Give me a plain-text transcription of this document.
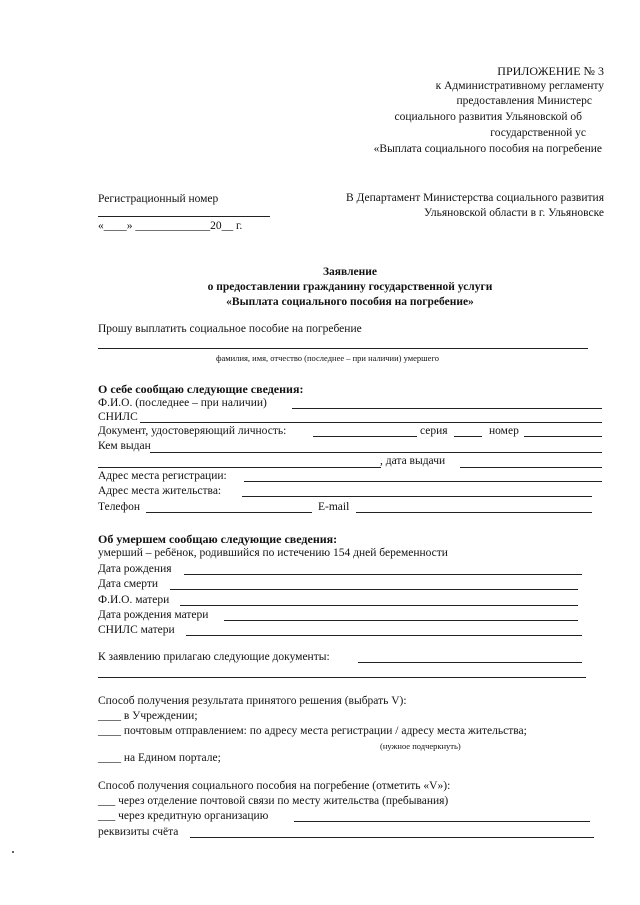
ПРИЛОЖЕНИЕ № 3
к Административному регламенту
предоставления Министерс
социального развития Ульяновской об
государственной ус
«Выплата социального пособия на погребение
Регистрационный номер
«____» _____________20__ г.
В Департамент Министерства социального развития
Ульяновской области в г. Ульяновске
Заявление
о предоставлении гражданину государственной услуги
«Выплата социального пособия на погребение»
Прошу выплатить социальное пособие на погребение
фамилия, имя, отчество (последнее – при наличии) умершего
О себе сообщаю следующие сведения:
Ф.И.О. (последнее – при наличии)
СНИЛС
Документ, удостоверяющий личность:	серия	номер
Кем выдан
, дата выдачи
Адрес места регистрации:
Адрес места жительства:
Телефон	E-mail
Об умершем сообщаю следующие сведения:
умерший – ребёнок, родившийся по истечению 154 дней беременности
Дата рождения
Дата смерти
Ф.И.О. матери
Дата рождения матери
СНИЛС матери
К заявлению прилагаю следующие документы:
Способ получения результата принятого решения (выбрать V):
____ в Учреждении;
____ почтовым отправлением: по адресу места регистрации / адресу места жительства;
(нужное подчеркнуть)
____ на Едином портале;
Способ получения социального пособия на погребение (отметить «V»):
___ через отделение почтовой связи по месту жительства (пребывания)
___ через кредитную организацию
реквизиты счёта
